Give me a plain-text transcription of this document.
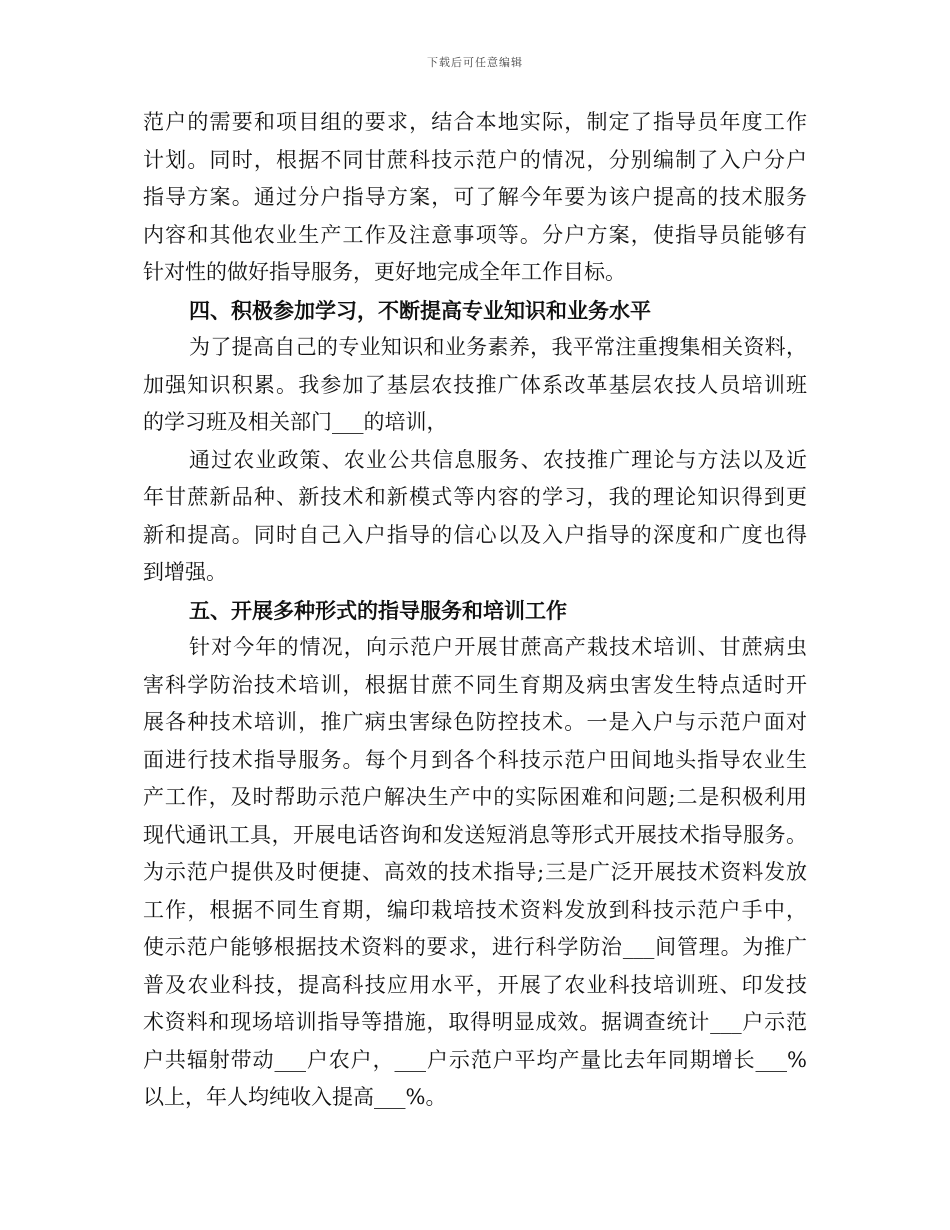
下载后可任意编辑
范户的需要和项目组的要求，结合本地实际，制定了指导员年度工作
计划。同时，根据不同甘蔗科技示范户的情况，分别编制了入户分户
指导方案。通过分户指导方案，可了解今年要为该户提高的技术服务
内容和其他农业生产工作及注意事项等。分户方案，使指导员能够有
针对性的做好指导服务，更好地完成全年工作目标。
四、积极参加学习，不断提高专业知识和业务水平
为了提高自己的专业知识和业务素养，我平常注重搜集相关资料，
加强知识积累。我参加了基层农技推广体系改革基层农技人员培训班
的学习班及相关部门___的培训，
通过农业政策、农业公共信息服务、农技推广理论与方法以及近
年甘蔗新品种、新技术和新模式等内容的学习，我的理论知识得到更
新和提高。同时自己入户指导的信心以及入户指导的深度和广度也得
到增强。
五、开展多种形式的指导服务和培训工作
针对今年的情况，向示范户开展甘蔗高产栽技术培训、甘蔗病虫
害科学防治技术培训，根据甘蔗不同生育期及病虫害发生特点适时开
展各种技术培训，推广病虫害绿色防控技术。一是入户与示范户面对
面进行技术指导服务。每个月到各个科技示范户田间地头指导农业生
产工作，及时帮助示范户解决生产中的实际困难和问题;二是积极利用
现代通讯工具，开展电话咨询和发送短消息等形式开展技术指导服务。
为示范户提供及时便捷、高效的技术指导;三是广泛开展技术资料发放
工作，根据不同生育期，编印栽培技术资料发放到科技示范户手中，
使示范户能够根据技术资料的要求，进行科学防治___间管理。为推广
普及农业科技，提高科技应用水平，开展了农业科技培训班、印发技
术资料和现场培训指导等措施，取得明显成效。据调查统计___户示范
户共辐射带动___户农户，___户示范户平均产量比去年同期增长___%
以上，年人均纯收入提高___%。
